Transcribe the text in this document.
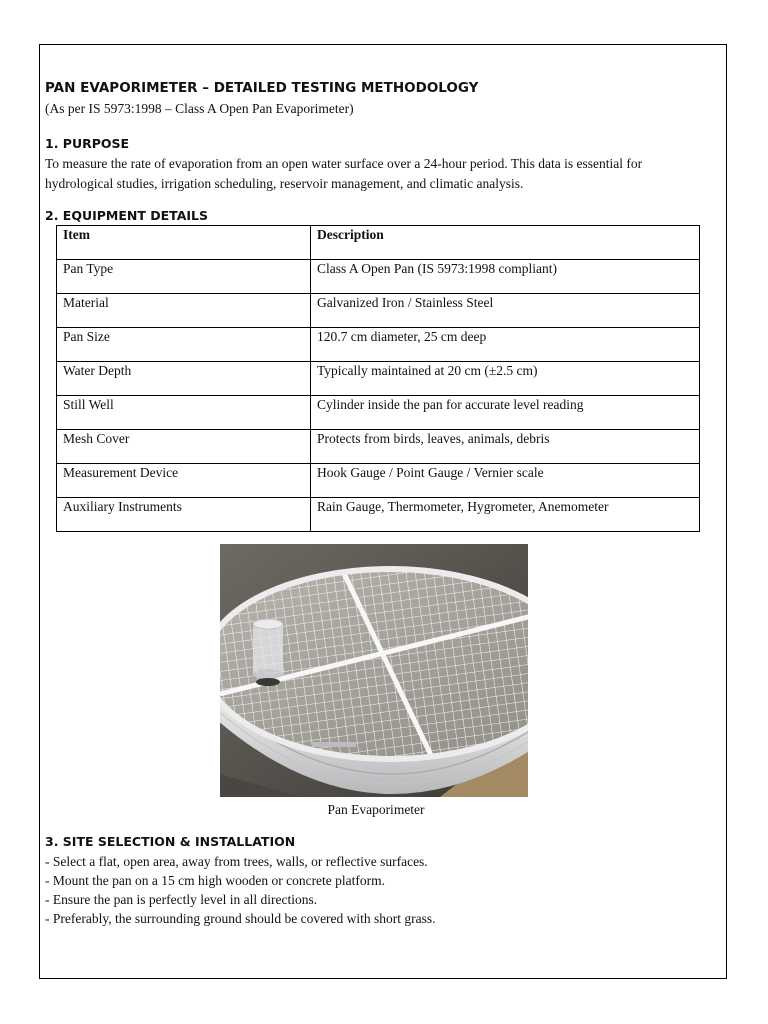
PAN EVAPORIMETER – DETAILED TESTING METHODOLOGY

(As per IS 5973:1998 – Class A Open Pan Evaporimeter)

1. PURPOSE

To measure the rate of evaporation from an open water surface over a 24-hour period. This data is essential for hydrological studies, irrigation scheduling, reservoir management, and climatic analysis.

2. EQUIPMENT DETAILS
Item	Description
Pan Type	Class A Open Pan (IS 5973:1998 compliant)
Material	Galvanized Iron / Stainless Steel
Pan Size	120.7 cm diameter, 25 cm deep
Water Depth	Typically maintained at 20 cm (±2.5 cm)
Still Well	Cylinder inside the pan for accurate level reading
Mesh Cover	Protects from birds, leaves, animals, debris
Measurement Device	Hook Gauge / Point Gauge / Vernier scale
Auxiliary Instruments	Rain Gauge, Thermometer, Hygrometer, Anemometer
Pan Evaporimeter
3. SITE SELECTION & INSTALLATION
- Select a flat, open area, away from trees, walls, or reflective surfaces.
- Mount the pan on a 15 cm high wooden or concrete platform.
- Ensure the pan is perfectly level in all directions.
- Preferably, the surrounding ground should be covered with short grass.
